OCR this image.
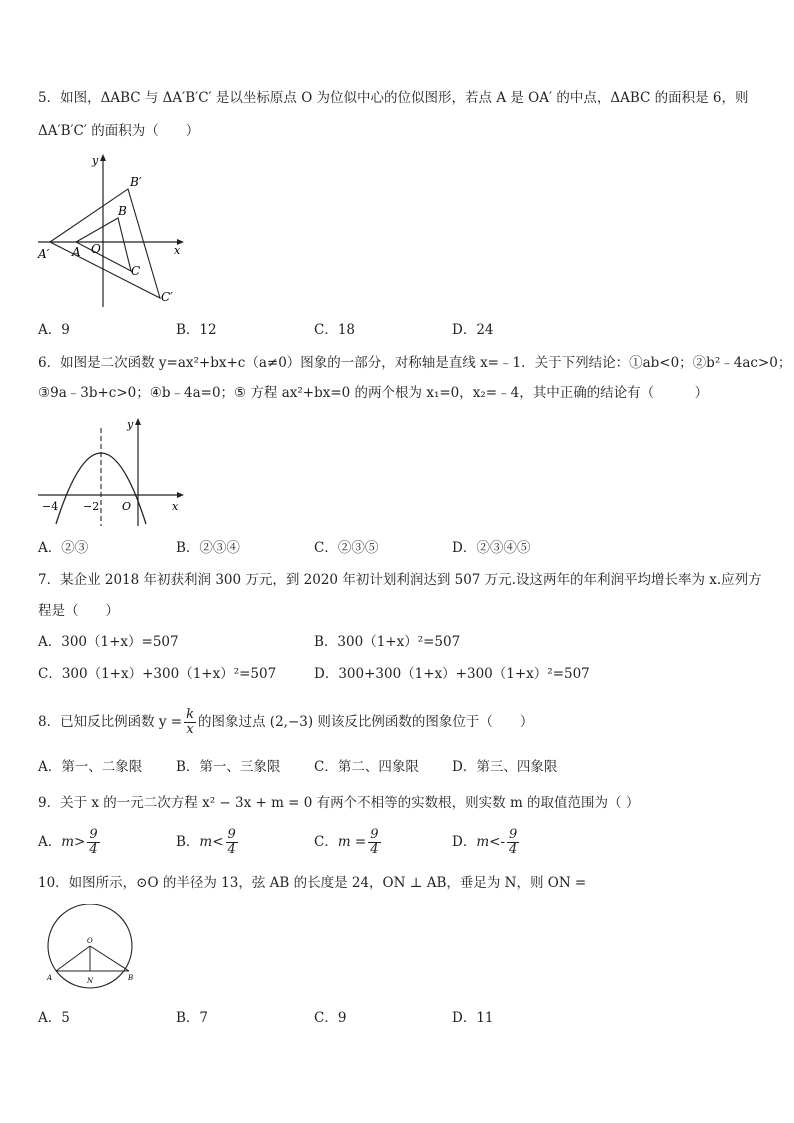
5．如图，ΔABC 与 ΔA′B′C′ 是以坐标原点 O 为位似中心的位似图形，若点 A 是 OA′ 的中点，ΔABC 的面积是 6，则
ΔA′B′C′ 的面积为（　　）
y
x
A′ A O
B′
B
C
C′
A．9	B．12	C．18	D．24
6．如图是二次函数 y=ax²+bx+c（a≠0）图象的一部分，对称轴是直线 x=﹣1．关于下列结论：①ab<0；②b²﹣4ac>0；
③9a﹣3b+c>0；④b﹣4a=0；⑤ 方程 ax²+bx=0 的两个根为 x₁=0，x₂=﹣4，其中正确的结论有（　　　）
y
x
−4 −2 O
A．②③	B．②③④	C．②③⑤	D．②③④⑤
7．某企业 2018 年初获利润 300 万元，到 2020 年初计划利润达到 507 万元.设这两年的年利润平均增长率为 x.应列方
程是（　　）
A．300（1+x）=507	B．300（1+x）²=507
C．300（1+x）+300（1+x）²=507	D．300+300（1+x）+300（1+x）²=507
8．已知反比例函数 $y = \frac{k}{x}$ 的图象过点 (2,−3) 则该反比例函数的图象位于（　　）
A．第一、二象限	B．第一、三象限 C．第二、四象限 D．第三、四象限
9．关于 x 的一元二次方程 x² − 3x + m = 0 有两个不相等的实数根，则实数 m 的取值范围为（ ）
A．$m> \frac{9}{4}$	B．$m< \frac{9}{4}$	C．$m = \frac{9}{4}$	D．$m<- \frac{9}{4}$
10．如图所示，⊙O 的半径为 13，弦 AB 的长度是 24，ON ⊥ AB，垂足为 N，则 ON =
O
A	N	B
A．5	B．7	C．9	D．11
